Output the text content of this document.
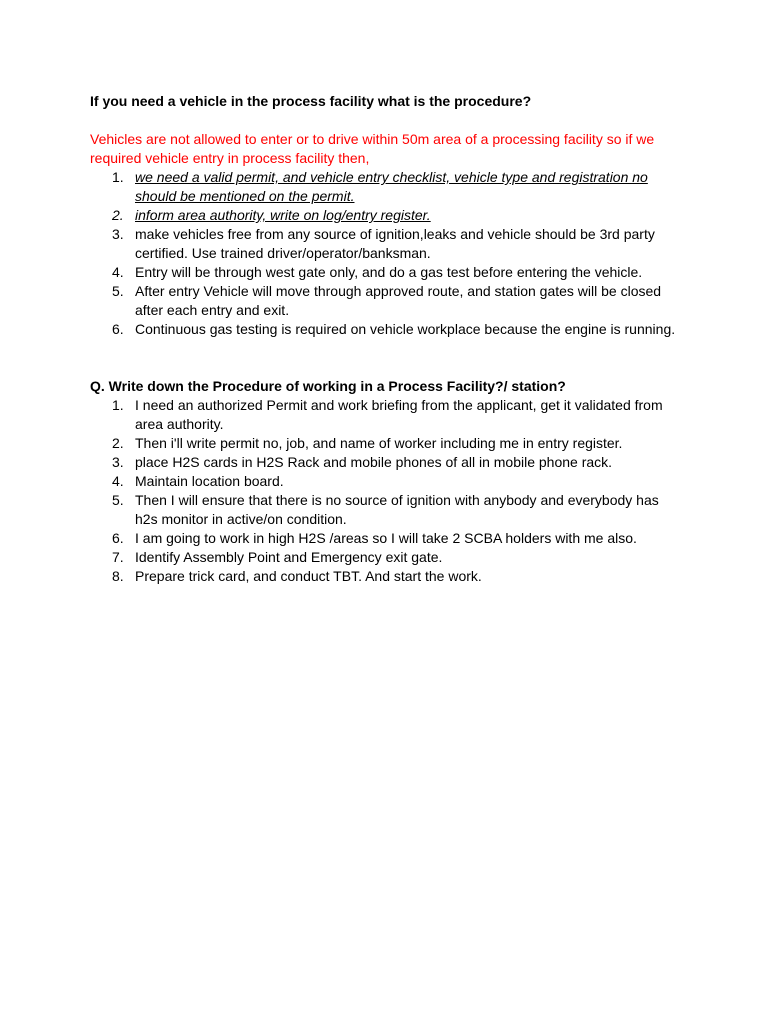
If you need a vehicle in the process facility what is the procedure?

Vehicles are not allowed to enter or to drive within 50m area of a processing facility so if we required vehicle entry in process facility then,

1. we need a valid permit, and vehicle entry checklist, vehicle type and registration no should be mentioned on the permit.
2. inform area authority, write on log/entry register.
3. make vehicles free from any source of ignition,leaks and vehicle should be 3rd party certified. Use trained driver/operator/banksman.
4. Entry will be through west gate only, and do a gas test before entering the vehicle.
5. After entry Vehicle will move through approved route, and station gates will be closed after each entry and exit.
6. Continuous gas testing is required on vehicle workplace because the engine is running.

Q. Write down the Procedure of working in a Process Facility?/ station?

1. I need an authorized Permit and work briefing from the applicant, get it validated from area authority.
2. Then i'll write permit no, job, and name of worker including me in entry register.
3. place H2S cards in H2S Rack and mobile phones of all in mobile phone rack.
4. Maintain location board.
5. Then I will ensure that there is no source of ignition with anybody and everybody has h2s monitor in active/on condition.
6. I am going to work in high H2S /areas so I will take 2 SCBA holders with me also.
7. Identify Assembly Point and Emergency exit gate.
8. Prepare trick card, and conduct TBT. And start the work.
